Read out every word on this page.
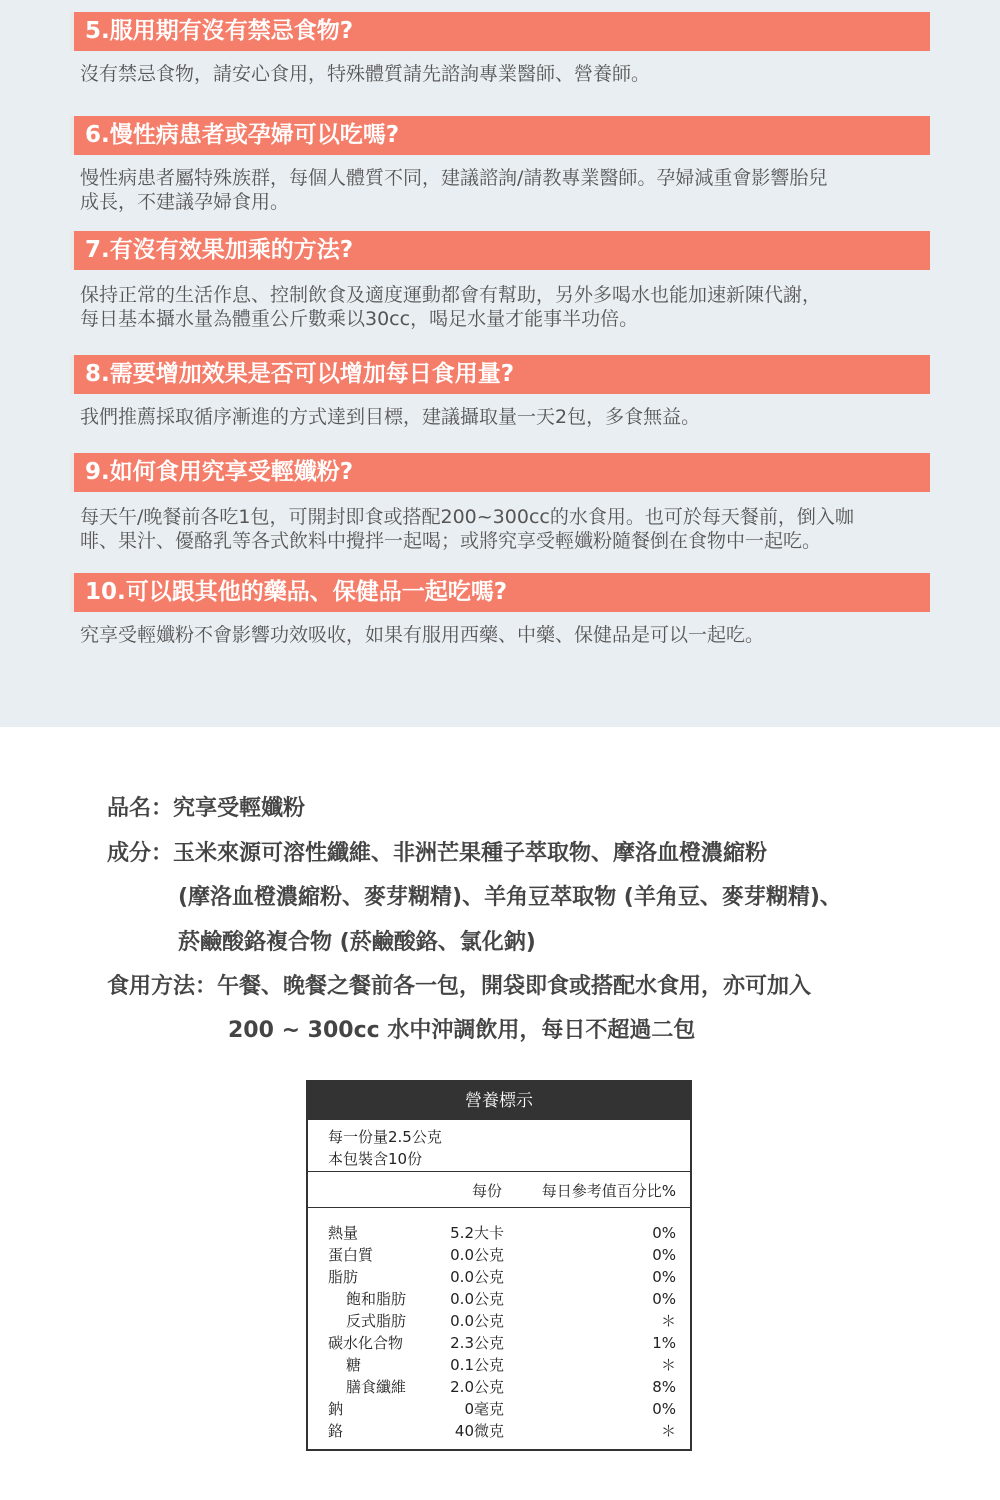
5.服用期有沒有禁忌食物?
沒有禁忌食物，請安心食用，特殊體質請先諮詢專業醫師、營養師。
6.慢性病患者或孕婦可以吃嗎?
慢性病患者屬特殊族群，每個人體質不同，建議諮詢/請教專業醫師。孕婦減重會影響胎兒
成長，不建議孕婦食用。
7.有沒有效果加乘的方法?
保持正常的生活作息、控制飲食及適度運動都會有幫助，另外多喝水也能加速新陳代謝，
每日基本攝水量為體重公斤數乘以30cc，喝足水量才能事半功倍。
8.需要增加效果是否可以增加每日食用量?
我們推薦採取循序漸進的方式達到目標，建議攝取量一天2包，多食無益。
9.如何食用究享受輕孅粉?
每天午/晚餐前各吃1包，可開封即食或搭配200~300cc的水食用。也可於每天餐前，倒入咖
啡、果汁、優酪乳等各式飲料中攪拌一起喝；或將究享受輕孅粉隨餐倒在食物中一起吃。
10.可以跟其他的藥品、保健品一起吃嗎?
究享受輕孅粉不會影響功效吸收，如果有服用西藥、中藥、保健品是可以一起吃。
品名：究享受輕孅粉
成分：玉米來源可溶性纖維、非洲芒果種子萃取物、摩洛血橙濃縮粉
(摩洛血橙濃縮粉、麥芽糊精)、羊角豆萃取物 (羊角豆、麥芽糊精)、
菸鹼酸鉻複合物 (菸鹼酸鉻、氯化鈉)
食用方法：午餐、晚餐之餐前各一包，開袋即食或搭配水食用，亦可加入
200 ~ 300cc 水中沖調飲用，每日不超過二包
營養標示
每一份量2.5公克
本包裝含10份
每份	每日參考值百分比%
熱量	5.2大卡	0%
蛋白質	0.0公克	0%
脂肪	0.0公克	0%
飽和脂肪	0.0公克	0%
反式脂肪	0.0公克	＊
碳水化合物	2.3公克	1%
糖	0.1公克	＊
膳食纖維	2.0公克	8%
鈉	0毫克	0%
鉻	40微克	＊
